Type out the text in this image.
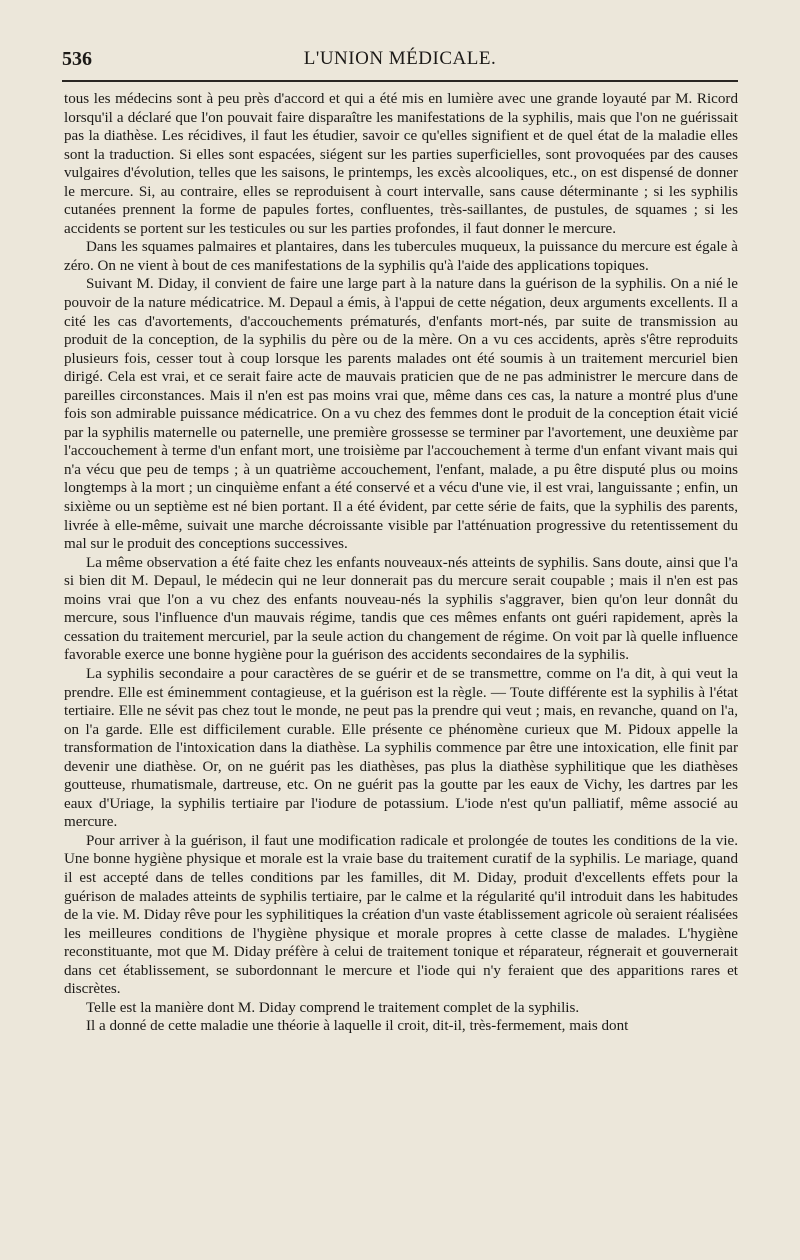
536	L'UNION MÉDICALE.

tous les médecins sont à peu près d'accord et qui a été mis en lumière avec une grande loyauté par M. Ricord lorsqu'il a déclaré que l'on pouvait faire disparaître les manifestations de la syphilis, mais que l'on ne guérissait pas la diathèse. Les récidives, il faut les étudier, savoir ce qu'elles signifient et de quel état de la maladie elles sont la traduction. Si elles sont espacées, siégent sur les parties superficielles, sont provoquées par des causes vulgaires d'évolution, telles que les saisons, le printemps, les excès alcooliques, etc., on est dispensé de donner le mercure. Si, au contraire, elles se reproduisent à court intervalle, sans cause déterminante ; si les syphilis cutanées prennent la forme de papules fortes, confluentes, très-saillantes, de pustules, de squames ; si les accidents se portent sur les testicules ou sur les parties profondes, il faut donner le mercure.

Dans les squames palmaires et plantaires, dans les tubercules muqueux, la puissance du mercure est égale à zéro. On ne vient à bout de ces manifestations de la syphilis qu'à l'aide des applications topiques.

Suivant M. Diday, il convient de faire une large part à la nature dans la guérison de la syphilis. On a nié le pouvoir de la nature médicatrice. M. Depaul a émis, à l'appui de cette négation, deux arguments excellents. Il a cité les cas d'avortements, d'accouchements prématurés, d'enfants mort-nés, par suite de transmission au produit de la conception, de la syphilis du père ou de la mère. On a vu ces accidents, après s'être reproduits plusieurs fois, cesser tout à coup lorsque les parents malades ont été soumis à un traitement mercuriel bien dirigé. Cela est vrai, et ce serait faire acte de mauvais praticien que de ne pas administrer le mercure dans de pareilles circonstances. Mais il n'en est pas moins vrai que, même dans ces cas, la nature a montré plus d'une fois son admirable puissance médicatrice. On a vu chez des femmes dont le produit de la conception était vicié par la syphilis maternelle ou paternelle, une première grossesse se terminer par l'avortement, une deuxième par l'accouchement à terme d'un enfant mort, une troisième par l'accouchement à terme d'un enfant vivant mais qui n'a vécu que peu de temps ; à un quatrième accouchement, l'enfant, malade, a pu être disputé plus ou moins longtemps à la mort ; un cinquième enfant a été conservé et a vécu d'une vie, il est vrai, languissante ; enfin, un sixième ou un septième est né bien portant. Il a été évident, par cette série de faits, que la syphilis des parents, livrée à elle-même, suivait une marche décroissante visible par l'atténuation progressive du retentissement du mal sur le produit des conceptions successives.

La même observation a été faite chez les enfants nouveaux-nés atteints de syphilis. Sans doute, ainsi que l'a si bien dit M. Depaul, le médecin qui ne leur donnerait pas du mercure serait coupable ; mais il n'en est pas moins vrai que l'on a vu chez des enfants nouveau-nés la syphilis s'aggraver, bien qu'on leur donnât du mercure, sous l'influence d'un mauvais régime, tandis que ces mêmes enfants ont guéri rapidement, après la cessation du traitement mercuriel, par la seule action du changement de régime. On voit par là quelle influence favorable exerce une bonne hygiène pour la guérison des accidents secondaires de la syphilis.

La syphilis secondaire a pour caractères de se guérir et de se transmettre, comme on l'a dit, à qui veut la prendre. Elle est éminemment contagieuse, et la guérison est la règle. — Toute différente est la syphilis à l'état tertiaire. Elle ne sévit pas chez tout le monde, ne peut pas la prendre qui veut ; mais, en revanche, quand on l'a, on l'a garde. Elle est difficilement curable. Elle présente ce phénomène curieux que M. Pidoux appelle la transformation de l'intoxication dans la diathèse. La syphilis commence par être une intoxication, elle finit par devenir une diathèse. Or, on ne guérit pas les diathèses, pas plus la diathèse syphilitique que les diathèses goutteuse, rhumatismale, dartreuse, etc. On ne guérit pas la goutte par les eaux de Vichy, les dartres par les eaux d'Uriage, la syphilis tertiaire par l'iodure de potassium. L'iode n'est qu'un palliatif, même associé au mercure.

Pour arriver à la guérison, il faut une modification radicale et prolongée de toutes les conditions de la vie. Une bonne hygiène physique et morale est la vraie base du traitement curatif de la syphilis. Le mariage, quand il est accepté dans de telles conditions par les familles, dit M. Diday, produit d'excellents effets pour la guérison de malades atteints de syphilis tertiaire, par le calme et la régularité qu'il introduit dans les habitudes de la vie. M. Diday rêve pour les syphilitiques la création d'un vaste établissement agricole où seraient réalisées les meilleures conditions de l'hygiène physique et morale propres à cette classe de malades. L'hygiène reconstituante, mot que M. Diday préfère à celui de traitement tonique et réparateur, régnerait et gouvernerait dans cet établissement, se subordonnant le mercure et l'iode qui n'y feraient que des apparitions rares et discrètes.

Telle est la manière dont M. Diday comprend le traitement complet de la syphilis.

Il a donné de cette maladie une théorie à laquelle il croit, dit-il, très-fermement, mais dont
